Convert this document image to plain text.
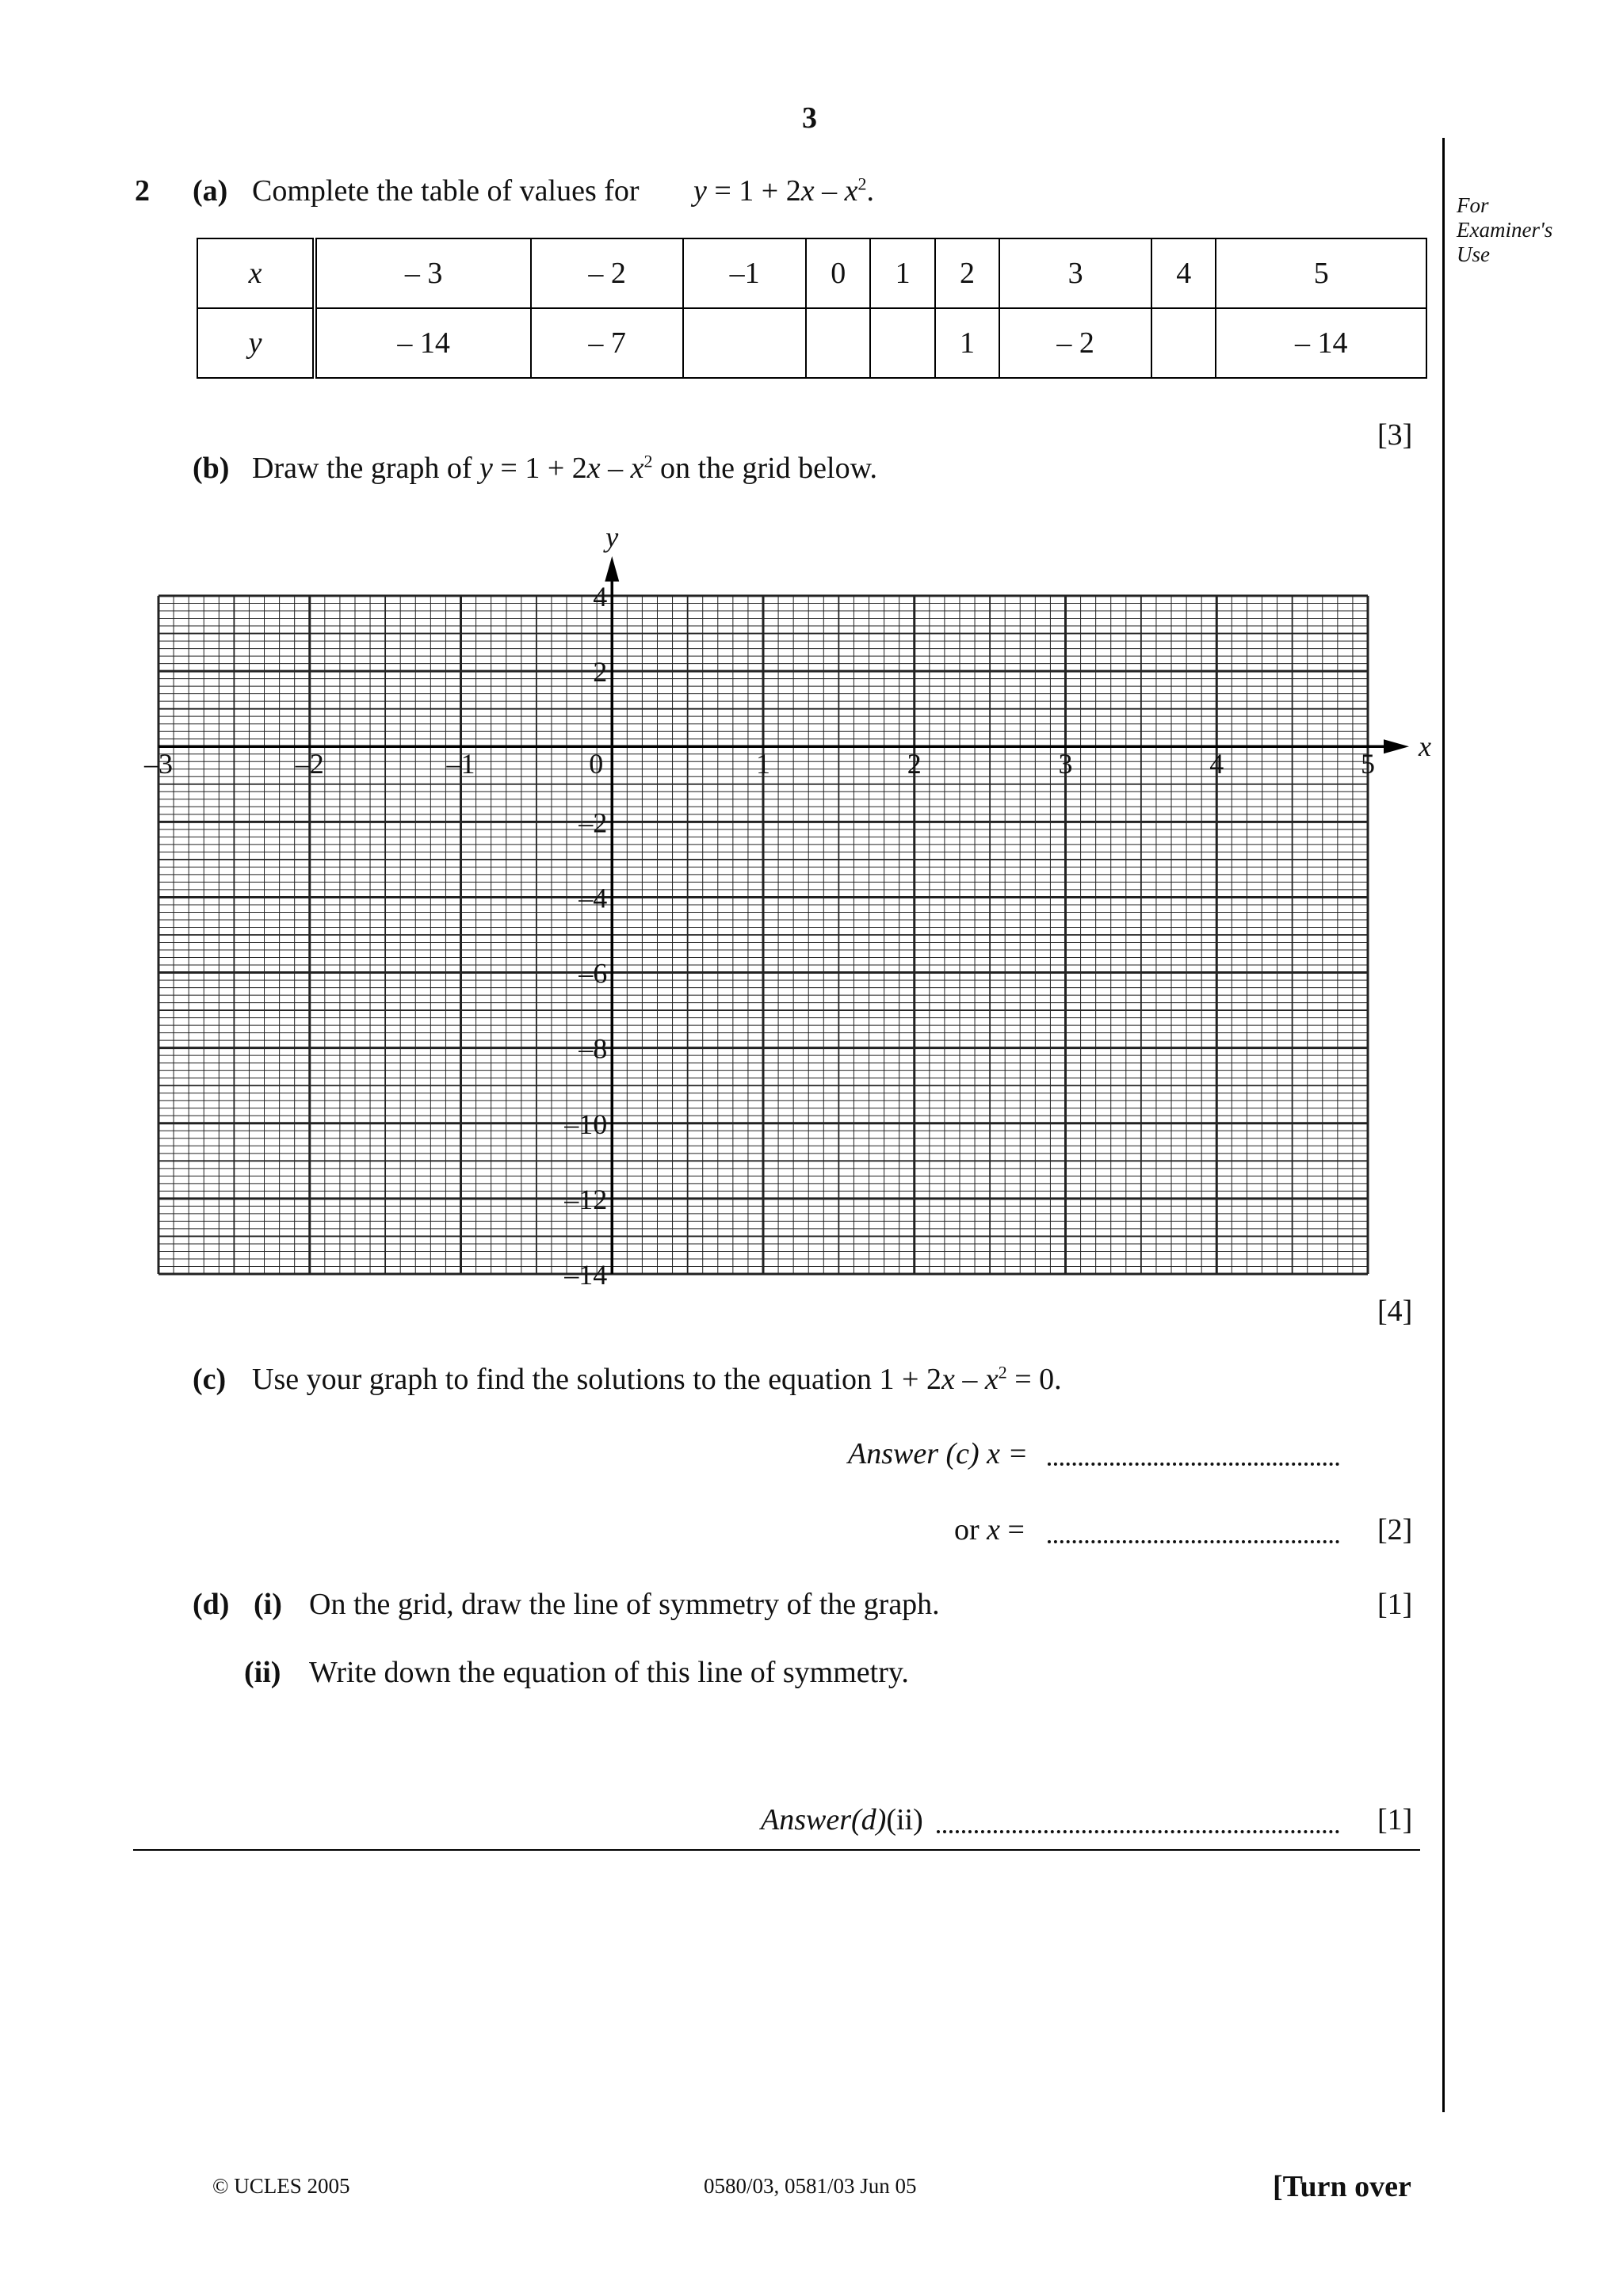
3
For
Examiner's
Use
2 (a) Complete the table of values for $y = 1 + 2x - x^2$.
x	– 3	– 2	–1	0	1	2	3	4	5
y	– 14	– 7				1	– 2		– 14
[3]
(b) Draw the graph of $y = 1 + 2x - x^2$ on the grid below.
x
y
–3	–2	–1	0	1	2	3	4	5
4
2
–2
–4
–6
–8
–10
–12
–14
[4]
(c) Use your graph to find the solutions to the equation $1 + 2x - x^2 = 0$.
Answer (c) x =
or x =	[2]
(d) (i) On the grid, draw the line of symmetry of the graph.	[1]
(ii) Write down the equation of this line of symmetry.
Answer(d)(ii)	[1]
© UCLES 2005	0580/03, 0581/03 Jun 05	[Turn over
